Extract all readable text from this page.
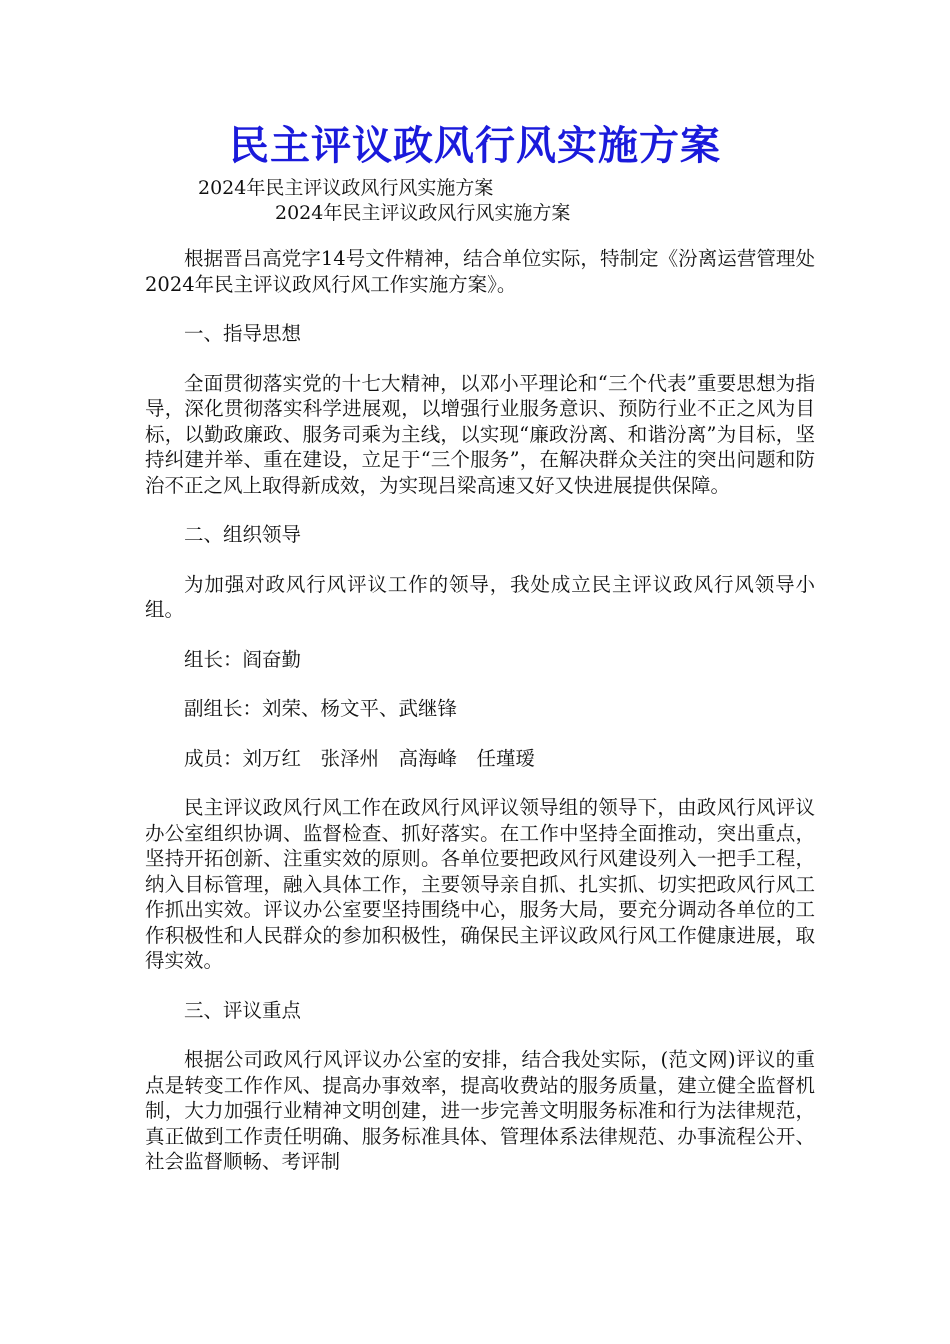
民主评议政风行风实施方案
2024年民主评议政风行风实施方案
2024年民主评议政风行风实施方案

根据晋吕高党字14号文件精神，结合单位实际，特制定《汾离运营管理处2024年民主评议政风行风工作实施方案》。

一、指导思想

全面贯彻落实党的十七大精神，以邓小平理论和“三个代表”重要思想为指导，深化贯彻落实科学进展观，以增强行业服务意识、预防行业不正之风为目标，以勤政廉政、服务司乘为主线，以实现“廉政汾离、和谐汾离”为目标，坚持纠建并举、重在建设，立足于“三个服务”，在解决群众关注的突出问题和防治不正之风上取得新成效，为实现吕梁高速又好又快进展提供保障。

二、组织领导

为加强对政风行风评议工作的领导，我处成立民主评议政风行风领导小组。

组长：阎奋勤

副组长：刘荣、杨文平、武继锋

成员：刘万红　张泽州　高海峰　任瑾瑷

民主评议政风行风工作在政风行风评议领导组的领导下，由政风行风评议办公室组织协调、监督检查、抓好落实。在工作中坚持全面推动，突出重点，坚持开拓创新、注重实效的原则。各单位要把政风行风建设列入一把手工程，纳入目标管理，融入具体工作，主要领导亲自抓、扎实抓、切实把政风行风工作抓出实效。评议办公室要坚持围绕中心，服务大局，要充分调动各单位的工作积极性和人民群众的参加积极性，确保民主评议政风行风工作健康进展，取得实效。

三、评议重点

根据公司政风行风评议办公室的安排，结合我处实际，(范文网)评议的重点是转变工作作风、提高办事效率，提高收费站的服务质量，建立健全监督机制，大力加强行业精神文明创建，进一步完善文明服务标准和行为法律规范，真正做到工作责任明确、服务标准具体、管理体系法律规范、办事流程公开、社会监督顺畅、考评制
